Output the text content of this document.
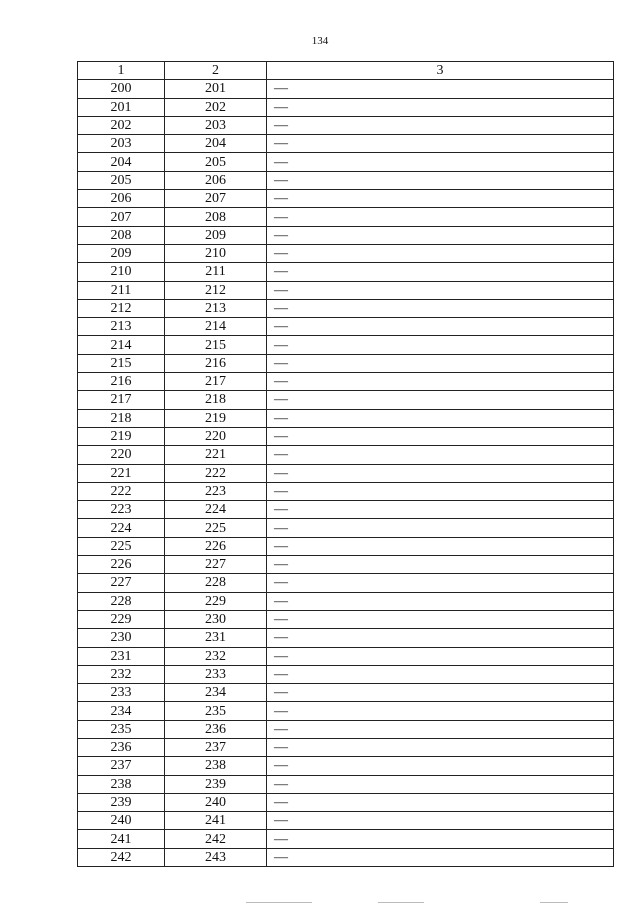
134
1	2	3
200	201	—
201	202	—
202	203	—
203	204	—
204	205	—
205	206	—
206	207	—
207	208	—
208	209	—
209	210	—
210	211	—
211	212	—
212	213	—
213	214	—
214	215	—
215	216	—
216	217	—
217	218	—
218	219	—
219	220	—
220	221	—
221	222	—
222	223	—
223	224	—
224	225	—
225	226	—
226	227	—
227	228	—
228	229	—
229	230	—
230	231	—
231	232	—
232	233	—
233	234	—
234	235	—
235	236	—
236	237	—
237	238	—
238	239	—
239	240	—
240	241	—
241	242	—
242	243	—
